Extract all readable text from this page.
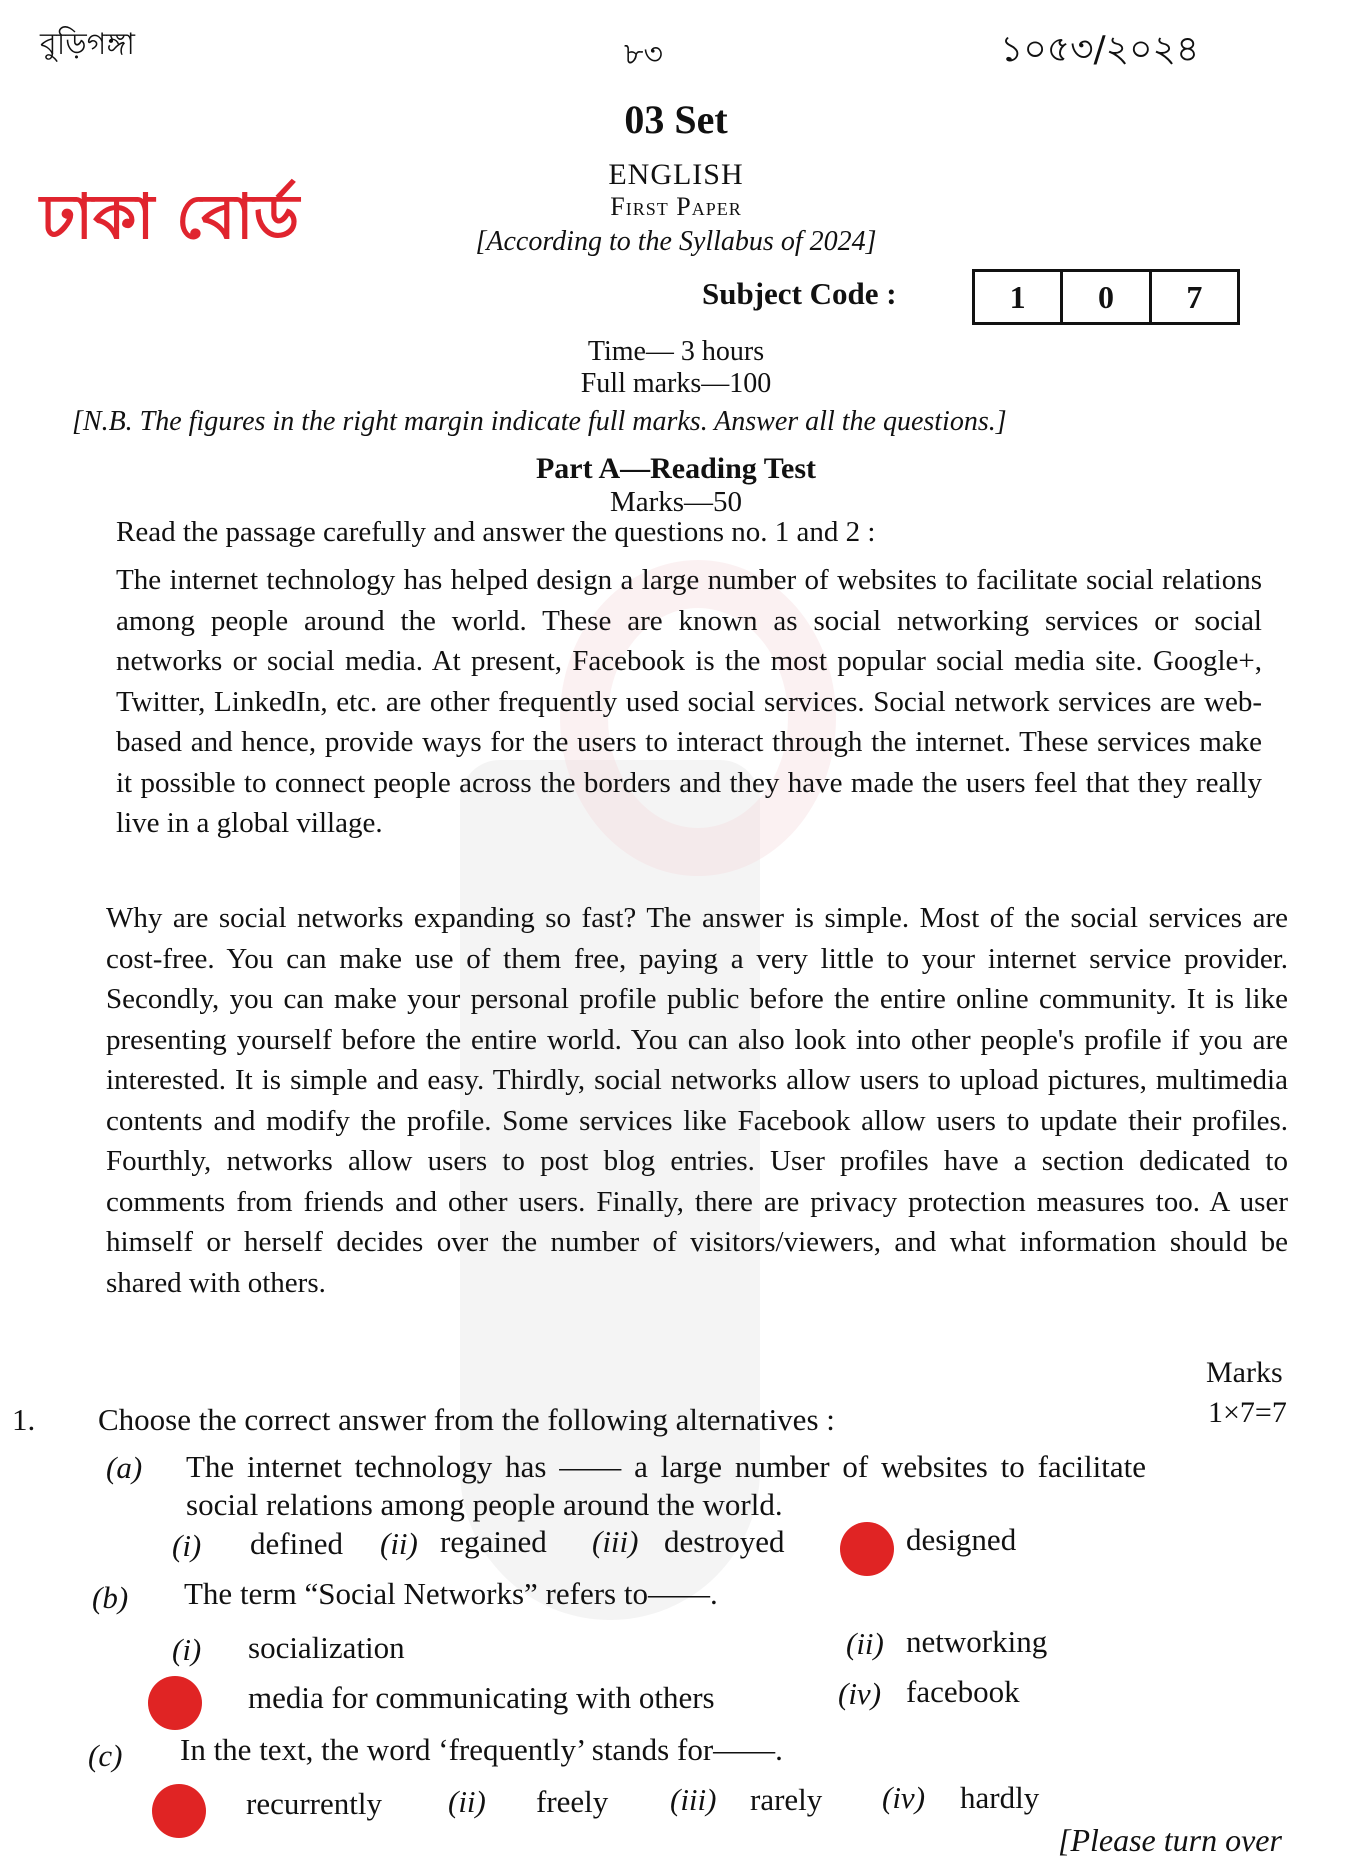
বুড়িগঙ্গা	৮৩	১০৫৩/২০২৪
03 Set
ঢাকা বোর্ড
ENGLISH
First Paper
[According to the Syllabus of 2024]
Subject Code :	1	0	7
Time— 3 hours
Full marks—100
[N.B. The figures in the right margin indicate full marks. Answer all the questions.]
Part A—Reading Test
Marks—50
Read the passage carefully and answer the questions no. 1 and 2 :
The internet technology has helped design a large number of websites to facilitate social relations among people around the world. These are known as social networking services or social networks or social media. At present, Facebook is the most popular social media site. Google+, Twitter, LinkedIn, etc. are other frequently used social services. Social network services are web-based and hence, provide ways for the users to interact through the internet. These services make it possible to connect people across the borders and they have made the users feel that they really live in a global village.
Why are social networks expanding so fast? The answer is simple. Most of the social services are cost-free. You can make use of them free, paying a very little to your internet service provider. Secondly, you can make your personal profile public before the entire online community. It is like presenting yourself before the entire world. You can also look into other people's profile if you are interested. It is simple and easy. Thirdly, social networks allow users to upload pictures, multimedia contents and modify the profile. Some services like Facebook allow users to update their profiles. Fourthly, networks allow users to post blog entries. User profiles have a section dedicated to comments from friends and other users. Finally, there are privacy protection measures too. A user himself or herself decides over the number of visitors/viewers, and what information should be shared with others.
Marks
1×7=7
1. Choose the correct answer from the following alternatives :
(a) The internet technology has —— a large number of websites to facilitate social relations among people around the world.
(i) defined (ii) regained (iii) destroyed	designed
(b) The term “Social Networks” refers to——.
(i) socialization	(ii) networking
media for communicating with others	(iv) facebook
(c) In the text, the word ‘frequently’ stands for——.
recurrently (ii) freely (iii) rarely (iv) hardly
[Please turn over
